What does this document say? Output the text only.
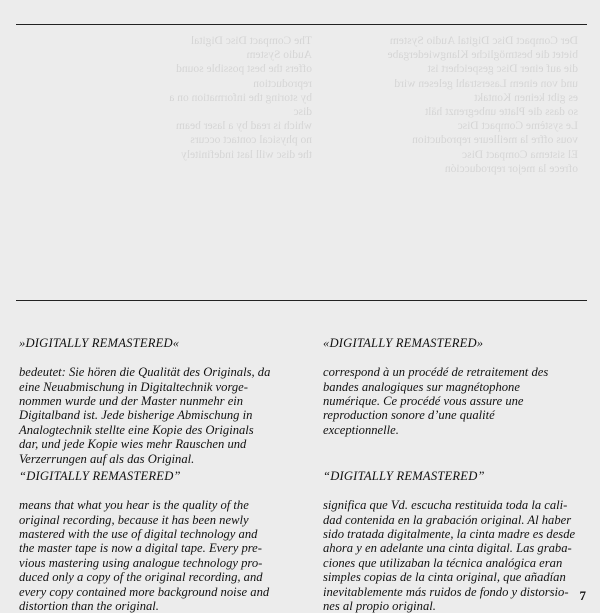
The Compact Disc Digital Audio System
offers the best possible sound reproduction
by storing the information on a disc
which is read by a laser beam
no physical contact occurs
the disc will last indefinitely
Der Compact Disc Digital Audio System
bietet die bestmögliche Klangwiedergabe
die auf einer Disc gespeichert ist
und von einem Laserstrahl gelesen wird
es gibt keinen Kontakt
so dass die Platte unbegrenzt hält
Le système Compact Disc
vous offre la meilleure reproduction
El sistema Compact Disc
ofrece la mejor reproducción

»DIGITALLY REMASTERED«

bedeutet: Sie hören die Qualität des Originals, da
eine Neuabmischung in Digitaltechnik vorge-
nommen wurde und der Master nunmehr ein
Digitalband ist. Jede bisherige Abmischung in
Analogtechnik stellte eine Kopie des Originals
dar, und jede Kopie wies mehr Rauschen und
Verzerrungen auf als das Original.

“DIGITALLY REMASTERED”

means that what you hear is the quality of the
original recording, because it has been newly
mastered with the use of digital technology and
the master tape is now a digital tape. Every pre-
vious mastering using analogue technology pro-
duced only a copy of the original recording, and
every copy contained more background noise and
distortion than the original.

«DIGITALLY REMASTERED»

correspond à un procédé de retraitement des
bandes analogiques sur magnétophone
numérique. Ce procédé vous assure une
reproduction sonore d’une qualité
exceptionnelle.

“DIGITALLY REMASTERED”

significa que Vd. escucha restituida toda la cali-
dad contenida en la grabación original. Al haber
sido tratada digitalmente, la cinta madre es desde
ahora y en adelante una cinta digital. Las graba-
ciones que utilizaban la técnica analógica eran
simples copias de la cinta original, que añadían
inevitablemente más ruidos de fondo y distorsio-
nes al propio original.

7
